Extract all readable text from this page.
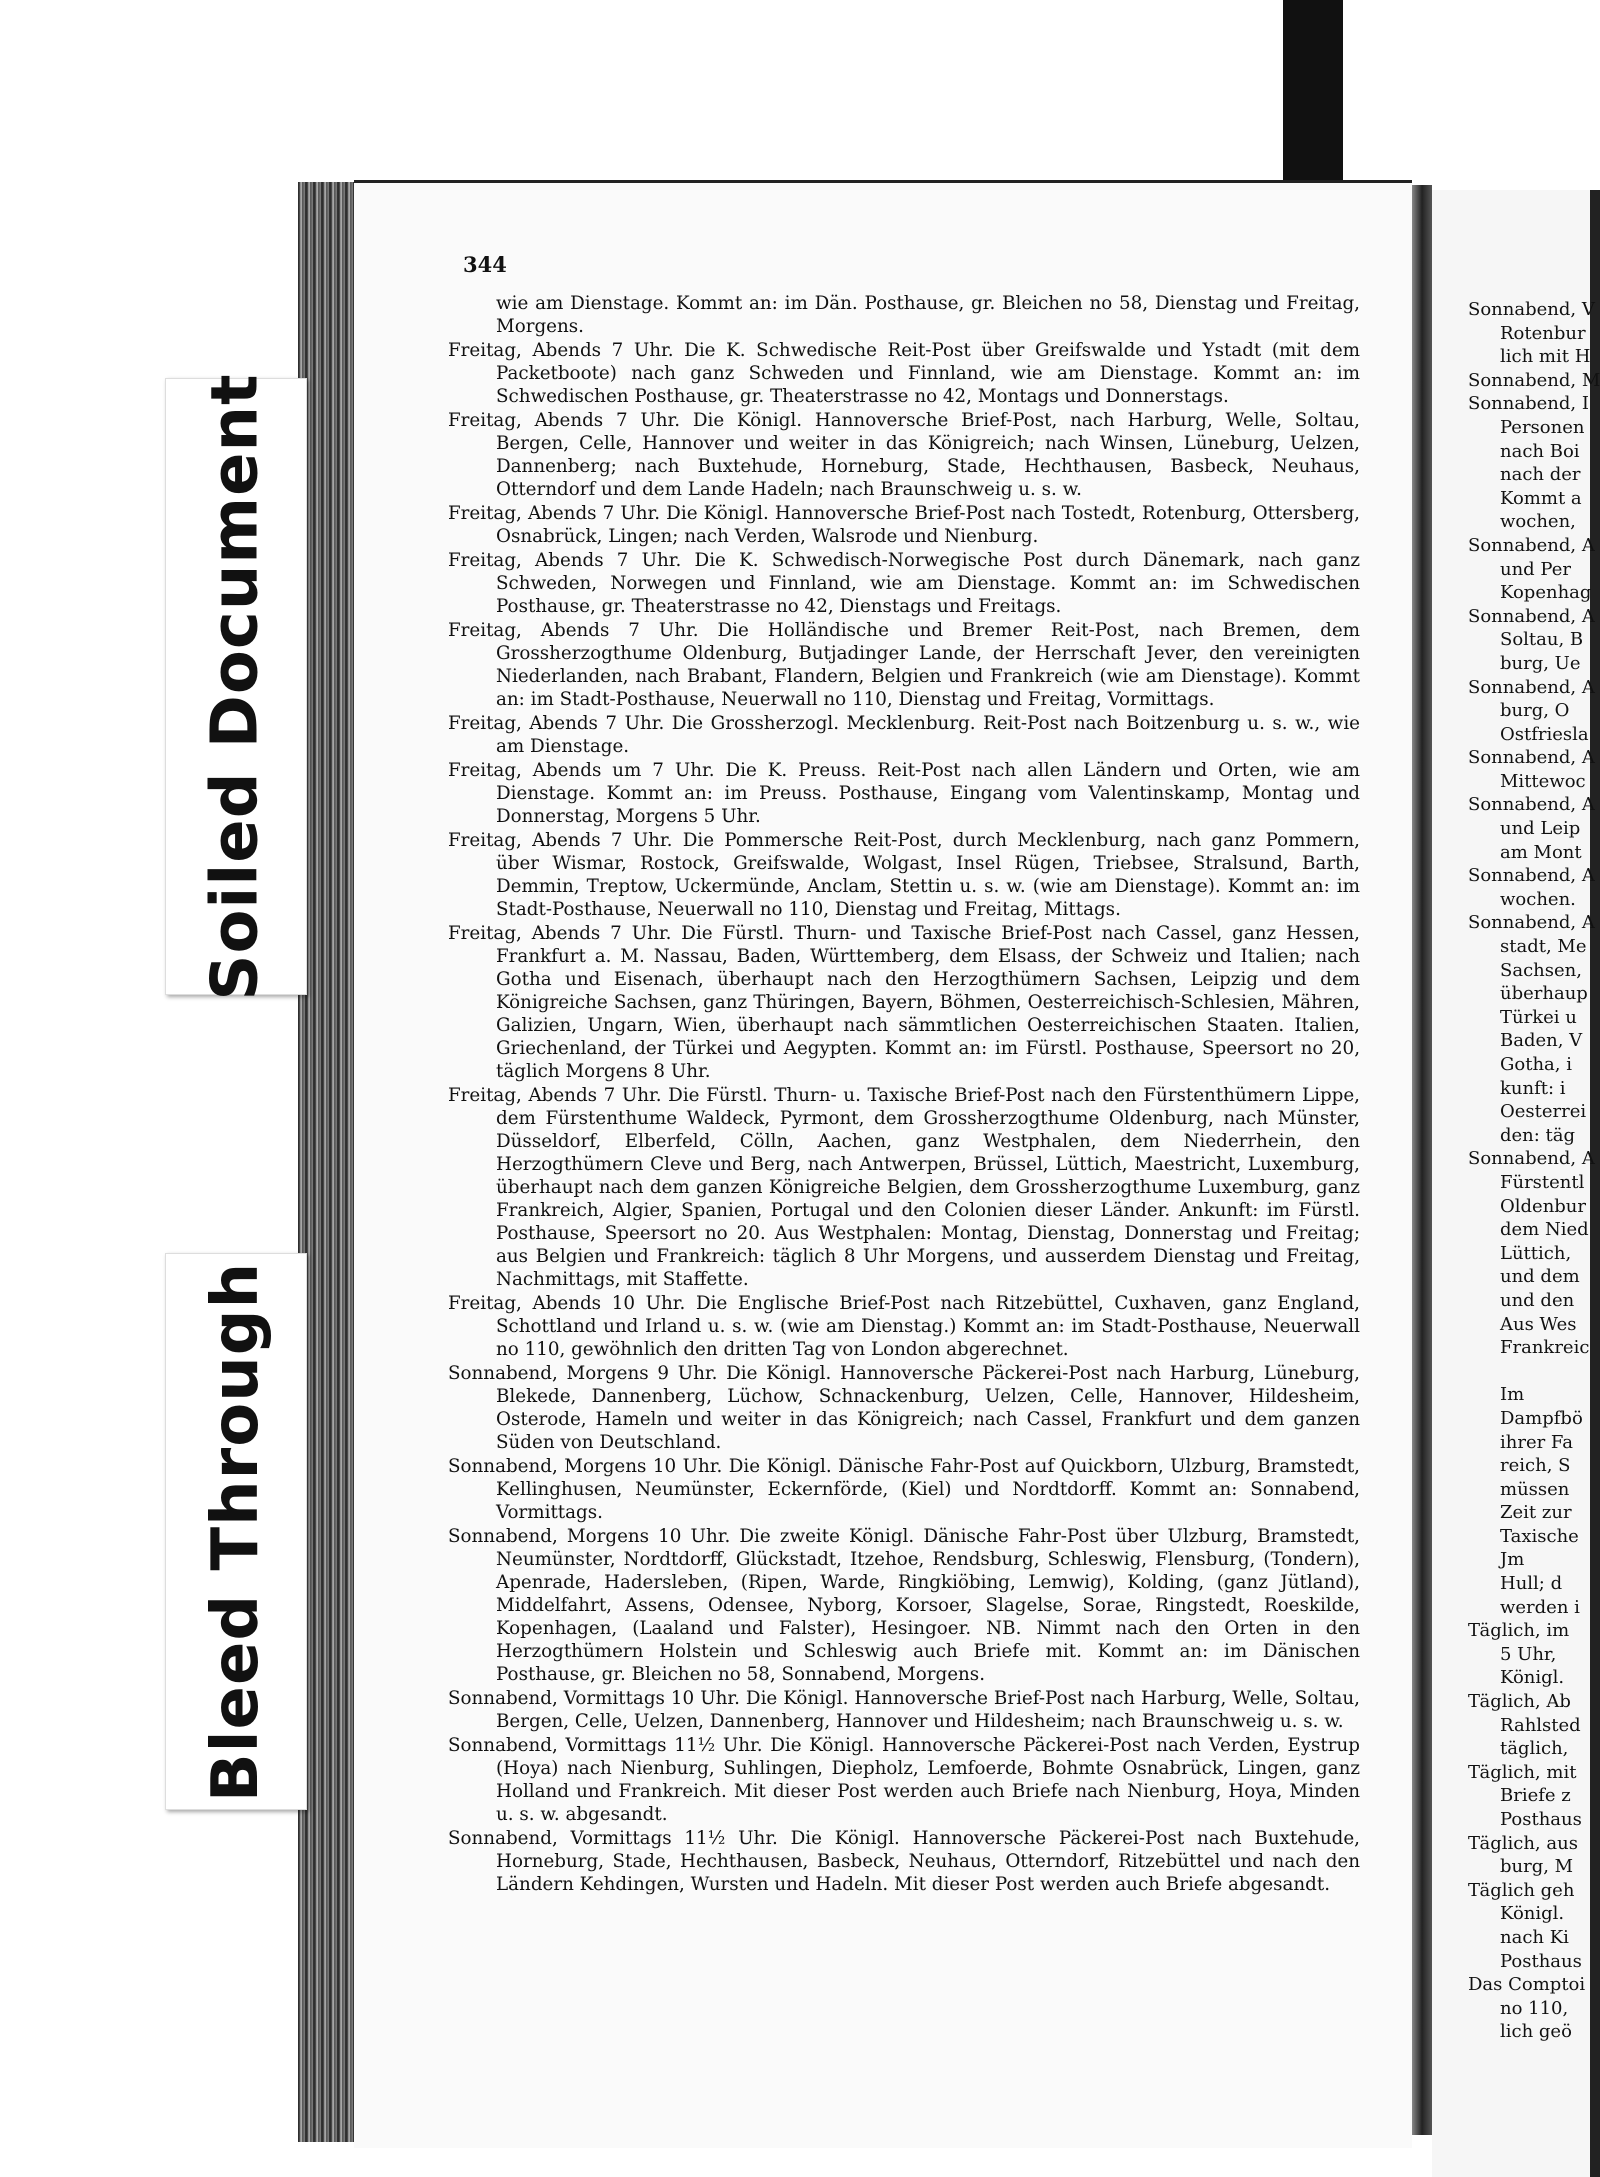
Soiled Document
Bleed Through
344

wie am Dienstage. Kommt an: im Dän. Posthause, gr. Bleichen no 58, Dienstag und Freitag, Morgens.

Freitag, Abends 7 Uhr. Die K. Schwedische Reit-Post über Greifswalde und Ystadt (mit dem Packetboote) nach ganz Schweden und Finnland, wie am Dienstage. Kommt an: im Schwedischen Posthause, gr. Theaterstrasse no 42, Montags und Donnerstags.

Freitag, Abends 7 Uhr. Die Königl. Hannoversche Brief-Post, nach Harburg, Welle, Soltau, Bergen, Celle, Hannover und weiter in das Königreich; nach Winsen, Lüneburg, Uelzen, Dannenberg; nach Buxtehude, Horneburg, Stade, Hechthausen, Basbeck, Neuhaus, Otterndorf und dem Lande Hadeln; nach Braunschweig u. s. w.

Freitag, Abends 7 Uhr. Die Königl. Hannoversche Brief-Post nach Tostedt, Rotenburg, Ottersberg, Osnabrück, Lingen; nach Verden, Walsrode und Nienburg.

Freitag, Abends 7 Uhr. Die K. Schwedisch-Norwegische Post durch Dänemark, nach ganz Schweden, Norwegen und Finnland, wie am Dienstage. Kommt an: im Schwedischen Posthause, gr. Theaterstrasse no 42, Dienstags und Freitags.

Freitag, Abends 7 Uhr. Die Holländische und Bremer Reit-Post, nach Bremen, dem Grossherzogthume Oldenburg, Butjadinger Lande, der Herrschaft Jever, den vereinigten Niederlanden, nach Brabant, Flandern, Belgien und Frankreich (wie am Dienstage). Kommt an: im Stadt-Posthause, Neuerwall no 110, Dienstag und Freitag, Vormittags.

Freitag, Abends 7 Uhr. Die Grossherzogl. Mecklenburg. Reit-Post nach Boitzenburg u. s. w., wie am Dienstage.

Freitag, Abends um 7 Uhr. Die K. Preuss. Reit-Post nach allen Ländern und Orten, wie am Dienstage. Kommt an: im Preuss. Posthause, Eingang vom Valentinskamp, Montag und Donnerstag, Morgens 5 Uhr.

Freitag, Abends 7 Uhr. Die Pommersche Reit-Post, durch Mecklenburg, nach ganz Pommern, über Wismar, Rostock, Greifswalde, Wolgast, Insel Rügen, Triebsee, Stralsund, Barth, Demmin, Treptow, Uckermünde, Anclam, Stettin u. s. w. (wie am Dienstage). Kommt an: im Stadt-Posthause, Neuerwall no 110, Dienstag und Freitag, Mittags.

Freitag, Abends 7 Uhr. Die Fürstl. Thurn- und Taxische Brief-Post nach Cassel, ganz Hessen, Frankfurt a. M. Nassau, Baden, Württemberg, dem Elsass, der Schweiz und Italien; nach Gotha und Eisenach, überhaupt nach den Herzogthümern Sachsen, Leipzig und dem Königreiche Sachsen, ganz Thüringen, Bayern, Böhmen, Oesterreichisch-Schlesien, Mähren, Galizien, Ungarn, Wien, überhaupt nach sämmtlichen Oesterreichischen Staaten. Italien, Griechenland, der Türkei und Aegypten. Kommt an: im Fürstl. Posthause, Speersort no 20, täglich Morgens 8 Uhr.

Freitag, Abends 7 Uhr. Die Fürstl. Thurn- u. Taxische Brief-Post nach den Fürstenthümern Lippe, dem Fürstenthume Waldeck, Pyrmont, dem Grossherzogthume Oldenburg, nach Münster, Düsseldorf, Elberfeld, Cölln, Aachen, ganz Westphalen, dem Niederrhein, den Herzogthümern Cleve und Berg, nach Antwerpen, Brüssel, Lüttich, Maestricht, Luxemburg, überhaupt nach dem ganzen Königreiche Belgien, dem Grossherzogthume Luxemburg, ganz Frankreich, Algier, Spanien, Portugal und den Colonien dieser Länder. Ankunft: im Fürstl. Posthause, Speersort no 20. Aus Westphalen: Montag, Dienstag, Donnerstag und Freitag; aus Belgien und Frankreich: täglich 8 Uhr Morgens, und ausserdem Dienstag und Freitag, Nachmittags, mit Staffette.

Freitag, Abends 10 Uhr. Die Englische Brief-Post nach Ritzebüttel, Cuxhaven, ganz England, Schottland und Irland u. s. w. (wie am Dienstag.) Kommt an: im Stadt-Posthause, Neuerwall no 110, gewöhnlich den dritten Tag von London abgerechnet.

Sonnabend, Morgens 9 Uhr. Die Königl. Hannoversche Päckerei-Post nach Harburg, Lüneburg, Blekede, Dannenberg, Lüchow, Schnackenburg, Uelzen, Celle, Hannover, Hildesheim, Osterode, Hameln und weiter in das Königreich; nach Cassel, Frankfurt und dem ganzen Süden von Deutschland.

Sonnabend, Morgens 10 Uhr. Die Königl. Dänische Fahr-Post auf Quickborn, Ulzburg, Bramstedt, Kellinghusen, Neumünster, Eckernförde, (Kiel) und Nordtdorff. Kommt an: Sonnabend, Vormittags.

Sonnabend, Morgens 10 Uhr. Die zweite Königl. Dänische Fahr-Post über Ulzburg, Bramstedt, Neumünster, Nordtdorff, Glückstadt, Itzehoe, Rendsburg, Schleswig, Flensburg, (Tondern), Apenrade, Hadersleben, (Ripen, Warde, Ringkiöbing, Lemwig), Kolding, (ganz Jütland), Middelfahrt, Assens, Odensee, Nyborg, Korsoer, Slagelse, Sorae, Ringstedt, Roeskilde, Kopenhagen, (Laaland und Falster), Hesingoer. NB. Nimmt nach den Orten in den Herzogthümern Holstein und Schleswig auch Briefe mit. Kommt an: im Dänischen Posthause, gr. Bleichen no 58, Sonnabend, Morgens.

Sonnabend, Vormittags 10 Uhr. Die Königl. Hannoversche Brief-Post nach Harburg, Welle, Soltau, Bergen, Celle, Uelzen, Dannenberg, Hannover und Hildesheim; nach Braunschweig u. s. w.

Sonnabend, Vormittags 11½ Uhr. Die Königl. Hannoversche Päckerei-Post nach Verden, Eystrup (Hoya) nach Nienburg, Suhlingen, Diepholz, Lemfoerde, Bohmte Osnabrück, Lingen, ganz Holland und Frankreich. Mit dieser Post werden auch Briefe nach Nienburg, Hoya, Minden u. s. w. abgesandt.

Sonnabend, Vormittags 11½ Uhr. Die Königl. Hannoversche Päckerei-Post nach Buxtehude, Horneburg, Stade, Hechthausen, Basbeck, Neuhaus, Otterndorf, Ritzebüttel und nach den Ländern Kehdingen, Wursten und Hadeln. Mit dieser Post werden auch Briefe abgesandt.

Sonnabend, V
Rotenbur
lich mit H
Sonnabend, M
Sonnabend, I
Personen
nach Boi
nach der
Kommt a
wochen,
Sonnabend, A
und Per
Kopenhag
Sonnabend, A
Soltau, B
burg, Ue
Sonnabend, A
burg, O
Ostfriesla
Sonnabend, A
Mittewoc
Sonnabend, A
und Leip
am Mont
Sonnabend, A
wochen.
Sonnabend, A
stadt, Me
Sachsen,
überhaup
Türkei u
Baden, V
Gotha, i
kunft: i
Oesterrei
den: täg
Sonnabend, A
Fürstentl
Oldenbur
dem Nied
Lüttich,
und dem
und den
Aus Wes
Frankreic
Im
Dampfbö
ihrer Fa
reich, S
müssen
Zeit zur
Taxische
Jm
Hull; d
werden i
Täglich, im
5 Uhr,
Königl.
Täglich, Ab
Rahlsted
täglich,
Täglich, mit
Briefe z
Posthaus
Täglich, aus
burg, M
Täglich geh
Königl.
nach Ki
Posthaus
Das Comptoi
no 110,
lich geö
